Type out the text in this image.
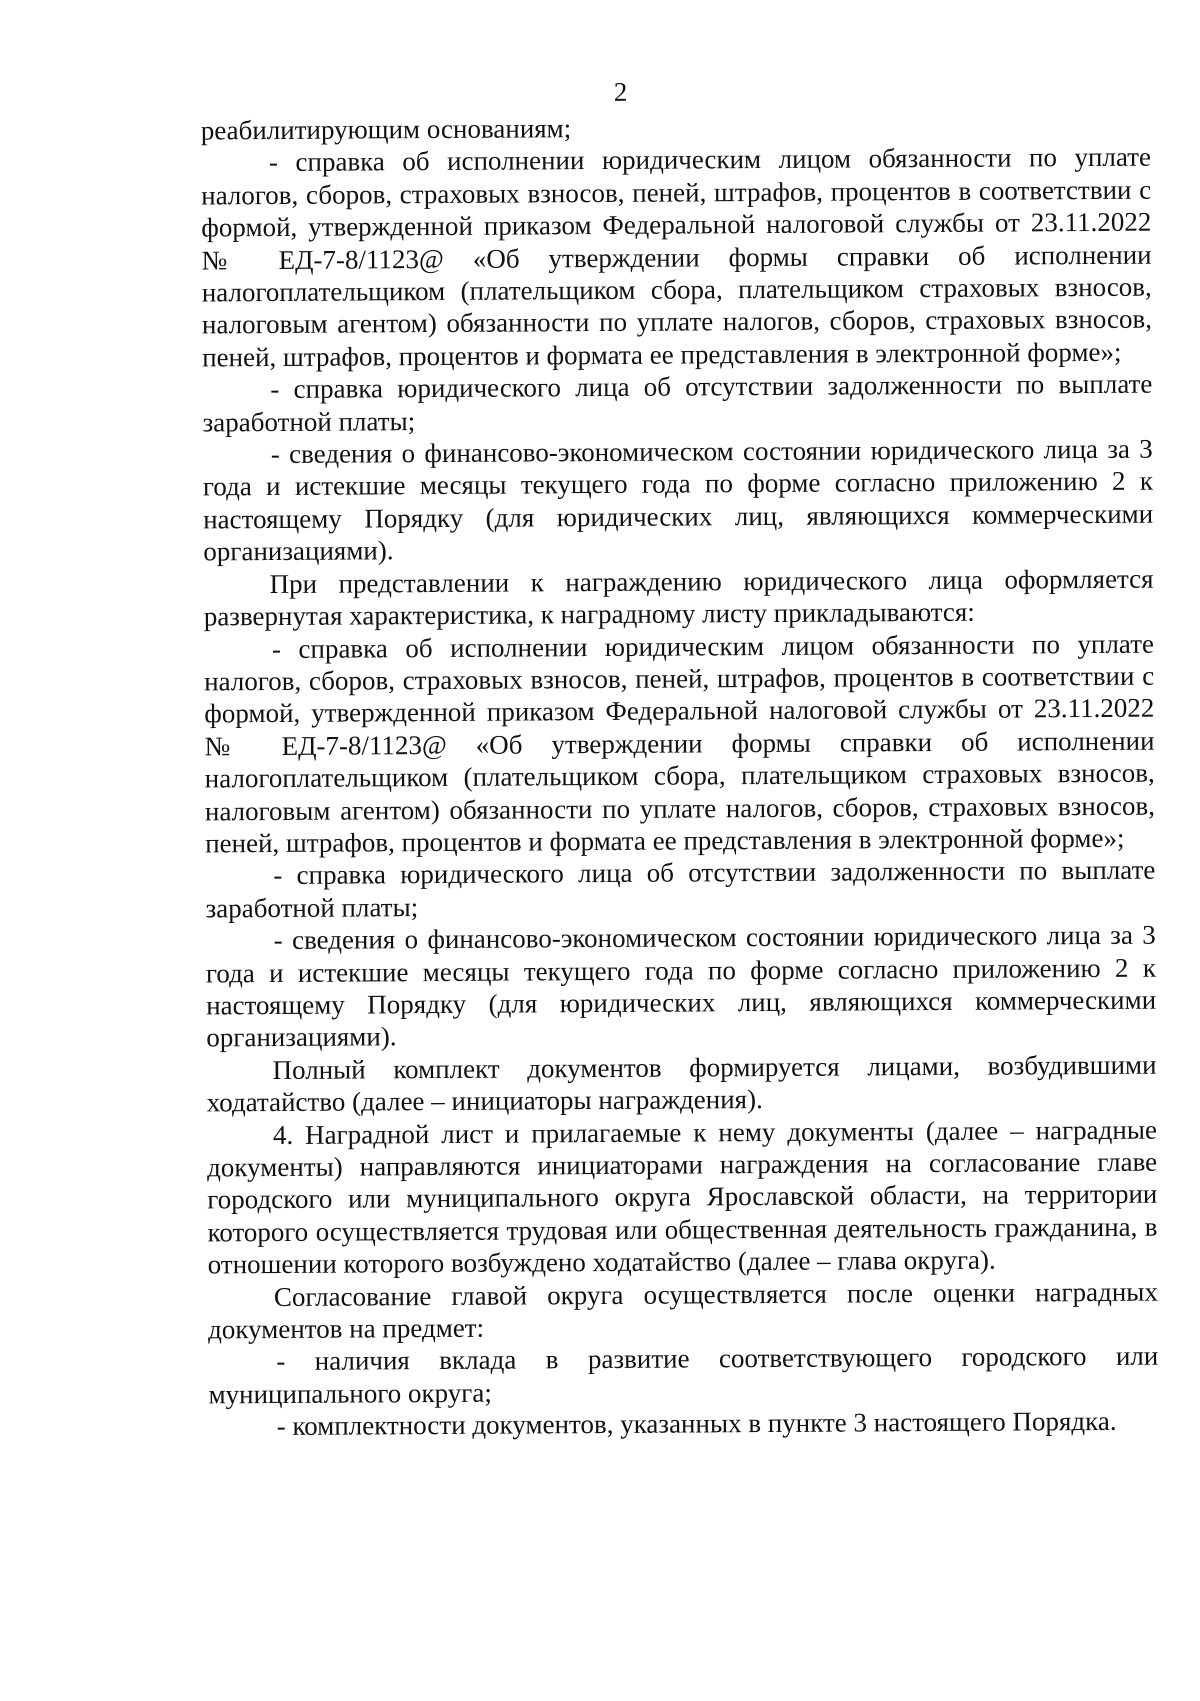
2

реабилитирующим основаниям;

- справка об исполнении юридическим лицом обязанности по уплате налогов, сборов, страховых взносов, пеней, штрафов, процентов в соответствии с формой, утвержденной приказом Федеральной налоговой службы от 23.11.2022 № ЕД-7-8/1123@ «Об утверждении формы справки об исполнении налогоплательщиком (плательщиком сбора, плательщиком страховых взносов, налоговым агентом) обязанности по уплате налогов, сборов, страховых взносов, пеней, штрафов, процентов и формата ее представления в электронной форме»;

- справка юридического лица об отсутствии задолженности по выплате заработной платы;

- сведения о финансово-экономическом состоянии юридического лица за 3 года и истекшие месяцы текущего года по форме согласно приложению 2 к настоящему Порядку (для юридических лиц, являющихся коммерческими организациями).

При представлении к награждению юридического лица оформляется развернутая характеристика, к наградному листу прикладываются:

- справка об исполнении юридическим лицом обязанности по уплате налогов, сборов, страховых взносов, пеней, штрафов, процентов в соответствии с формой, утвержденной приказом Федеральной налоговой службы от 23.11.2022 № ЕД-7-8/1123@ «Об утверждении формы справки об исполнении налогоплательщиком (плательщиком сбора, плательщиком страховых взносов, налоговым агентом) обязанности по уплате налогов, сборов, страховых взносов, пеней, штрафов, процентов и формата ее представления в электронной форме»;

- справка юридического лица об отсутствии задолженности по выплате заработной платы;

- сведения о финансово-экономическом состоянии юридического лица за 3 года и истекшие месяцы текущего года по форме согласно приложению 2 к настоящему Порядку (для юридических лиц, являющихся коммерческими организациями).

Полный комплект документов формируется лицами, возбудившими ходатайство (далее – инициаторы награждения).

4. Наградной лист и прилагаемые к нему документы (далее – наградные документы) направляются инициаторами награждения на согласование главе городского или муниципального округа Ярославской области, на территории которого осуществляется трудовая или общественная деятельность гражданина, в отношении которого возбуждено ходатайство (далее – глава округа).

Согласование главой округа осуществляется после оценки наградных документов на предмет:

- наличия вклада в развитие соответствующего городского или муниципального округа;

- комплектности документов, указанных в пункте 3 настоящего Порядка.
